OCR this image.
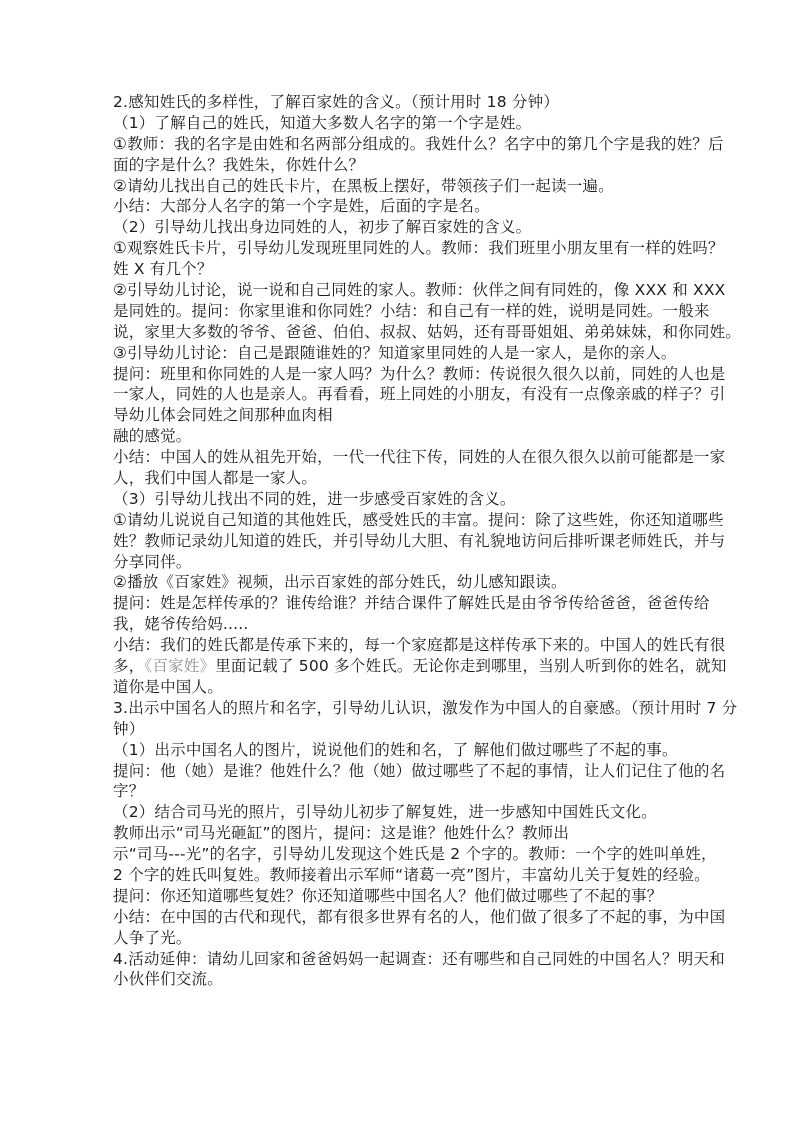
2.感知姓氏的多样性，了解百家姓的含义。（预计用时 18 分钟）
（1）了解自己的姓氏，知道大多数人名字的第一个字是姓。
①教师：我的名字是由姓和名两部分组成的。我姓什么？名字中的第几个字是我的姓？后
面的字是什么？我姓朱，你姓什么？
②请幼儿找出自己的姓氏卡片，在黑板上摆好，带领孩子们一起读一遍。
小结：大部分人名字的第一个字是姓，后面的字是名。
（2）引导幼儿找出身边同姓的人，初步了解百家姓的含义。
①观察姓氏卡片，引导幼儿发现班里同姓的人。教师：我们班里小朋友里有一样的姓吗？
姓 X 有几个？
②引导幼儿讨论，说一说和自己同姓的家人。教师：伙伴之间有同姓的，像 XXX 和 XXX
是同姓的。提问：你家里谁和你同姓？小结：和自己有一样的姓，说明是同姓。一般来
说，家里大多数的爷爷、爸爸、伯伯、叔叔、姑妈，还有哥哥姐姐、弟弟妹妹，和你同姓。
③引导幼儿讨论：自己是跟随谁姓的？知道家里同姓的人是一家人，是你的亲人。
提问：班里和你同姓的人是一家人吗？为什么？教师：传说很久很久以前，同姓的人也是
一家人，同姓的人也是亲人。再看看，班上同姓的小朋友，有没有一点像亲戚的样子？引
导幼儿体会同姓之间那种血肉相
融的感觉。
小结：中国人的姓从祖先开始，一代一代往下传，同姓的人在很久很久以前可能都是一家
人，我们中国人都是一家人。
（3）引导幼儿找出不同的姓，进一步感受百家姓的含义。
①请幼儿说说自己知道的其他姓氏，感受姓氏的丰富。提问：除了这些姓，你还知道哪些
姓？教师记录幼儿知道的姓氏，并引导幼儿大胆、有礼貌地访问后排听课老师姓氏，并与
分享同伴。
②播放《百家姓》视频，出示百家姓的部分姓氏，幼儿感知跟读。
提问：姓是怎样传承的？谁传给谁？并结合课件了解姓氏是由爷爷传给爸爸，爸爸传给
我，姥爷传给妈.....
小结：我们的姓氏都是传承下来的，每一个家庭都是这样传承下来的。中国人的姓氏有很
多，《百家姓》里面记载了 500 多个姓氏。无论你走到哪里，当别人听到你的姓名，就知
道你是中国人。
3.出示中国名人的照片和名字，引导幼儿认识，激发作为中国人的自豪感。（预计用时 7 分
钟）
（1）出示中国名人的图片，说说他们的姓和名，了 解他们做过哪些了不起的事。
提问：他（她）是谁？他姓什么？他（她）做过哪些了不起的事情，让人们记住了他的名
字？
（2）结合司马光的照片，引导幼儿初步了解复姓，进一步感知中国姓氏文化。
教师出示“司马光砸缸”的图片，提问：这是谁？他姓什么？教师出
示“司马---光”的名字，引导幼儿发现这个姓氏是 2 个字的。教师：一个字的姓叫单姓，
2 个字的姓氏叫复姓。教师接着出示军师“诸葛一亮”图片，丰富幼儿关于复姓的经验。
提问：你还知道哪些复姓？你还知道哪些中国名人？他们做过哪些了不起的事？
小结：在中国的古代和现代，都有很多世界有名的人，他们做了很多了不起的事，为中国
人争了光。
4.活动延伸：请幼儿回家和爸爸妈妈一起调查：还有哪些和自己同姓的中国名人？明天和
小伙伴们交流。
